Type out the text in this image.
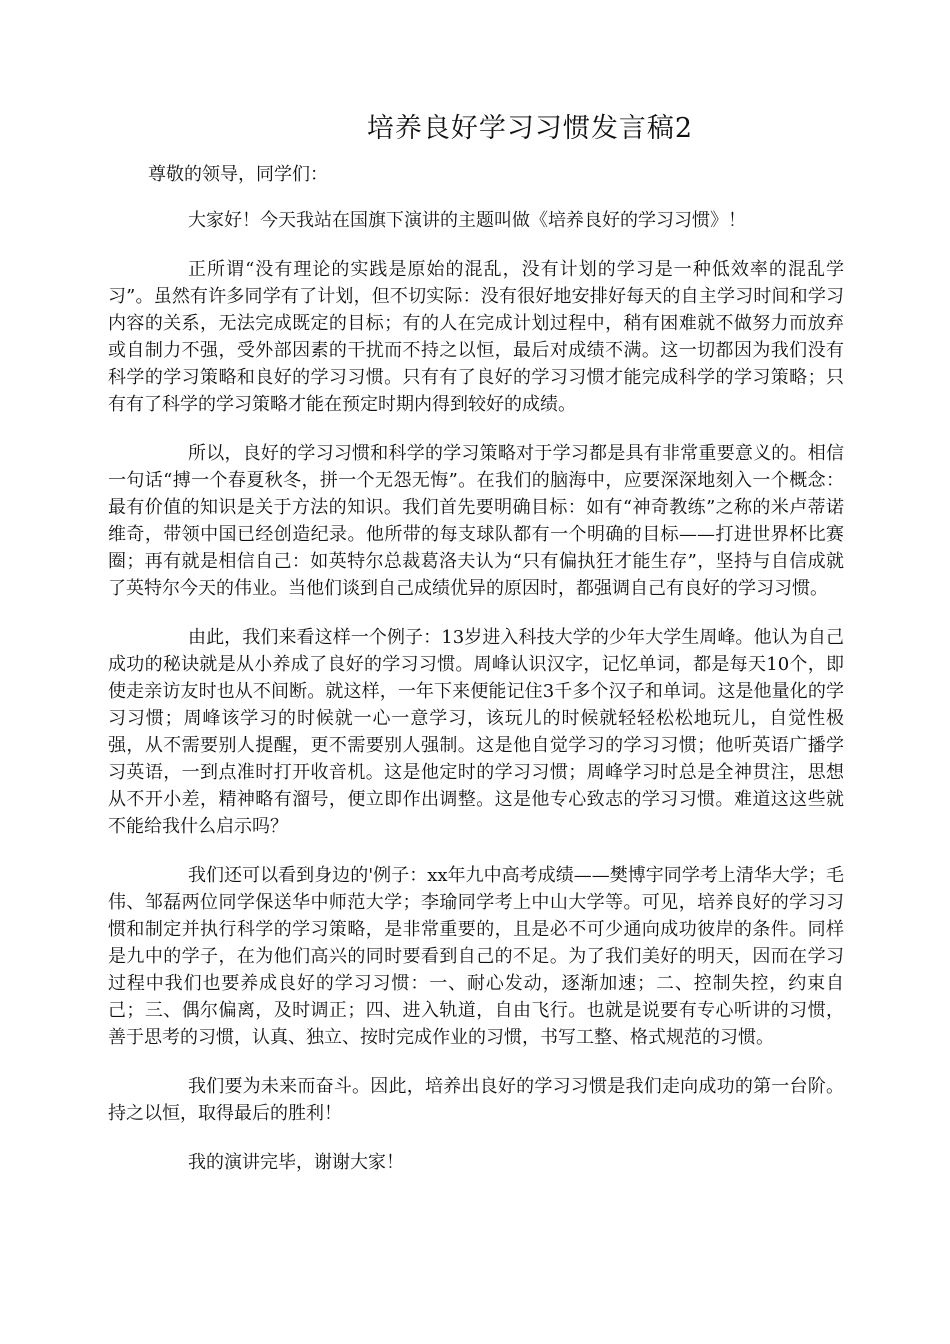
培养良好学习习惯发言稿2
尊敬的领导，同学们：

大家好！今天我站在国旗下演讲的主题叫做《培养良好的学习习惯》！

正所谓“没有理论的实践是原始的混乱，没有计划的学习是一种低效率的混乱学习”。虽然有许多同学有了计划，但不切实际：没有很好地安排好每天的自主学习时间和学习内容的关系，无法完成既定的目标；有的人在完成计划过程中，稍有困难就不做努力而放弃或自制力不强，受外部因素的干扰而不持之以恒，最后对成绩不满。这一切都因为我们没有科学的学习策略和良好的学习习惯。只有有了良好的学习习惯才能完成科学的学习策略；只有有了科学的学习策略才能在预定时期内得到较好的成绩。

所以，良好的学习习惯和科学的学习策略对于学习都是具有非常重要意义的。相信一句话“搏一个春夏秋冬，拼一个无怨无悔”。在我们的脑海中，应要深深地刻入一个概念：最有价值的知识是关于方法的知识。我们首先要明确目标：如有“神奇教练”之称的米卢蒂诺维奇，带领中国已经创造纪录。他所带的每支球队都有一个明确的目标——打进世界杯比赛圈；再有就是相信自己：如英特尔总裁葛洛夫认为“只有偏执狂才能生存”，坚持与自信成就了英特尔今天的伟业。当他们谈到自己成绩优异的原因时，都强调自己有良好的学习习惯。

由此，我们来看这样一个例子：13岁进入科技大学的少年大学生周峰。他认为自己成功的秘诀就是从小养成了良好的学习习惯。周峰认识汉字，记忆单词，都是每天10个，即使走亲访友时也从不间断。就这样，一年下来便能记住3千多个汉子和单词。这是他量化的学习习惯；周峰该学习的时候就一心一意学习，该玩儿的时候就轻轻松松地玩儿，自觉性极强，从不需要别人提醒，更不需要别人强制。这是他自觉学习的学习习惯；他听英语广播学习英语，一到点准时打开收音机。这是他定时的学习习惯；周峰学习时总是全神贯注，思想从不开小差，精神略有溜号，便立即作出调整。这是他专心致志的学习习惯。难道这这些就不能给我什么启示吗？

我们还可以看到身边的'例子：xx年九中高考成绩——樊博宇同学考上清华大学；毛伟、邹磊两位同学保送华中师范大学；李瑜同学考上中山大学等。可见，培养良好的学习习惯和制定并执行科学的学习策略，是非常重要的，且是必不可少通向成功彼岸的条件。同样是九中的学子，在为他们高兴的同时要看到自己的不足。为了我们美好的明天，因而在学习过程中我们也要养成良好的学习习惯：一、耐心发动，逐渐加速；二、控制失控，约束自己；三、偶尔偏离，及时调正；四、进入轨道，自由飞行。也就是说要有专心听讲的习惯，善于思考的习惯，认真、独立、按时完成作业的习惯，书写工整、格式规范的习惯。

我们要为未来而奋斗。因此，培养出良好的学习习惯是我们走向成功的第一台阶。持之以恒，取得最后的胜利！

我的演讲完毕，谢谢大家！
